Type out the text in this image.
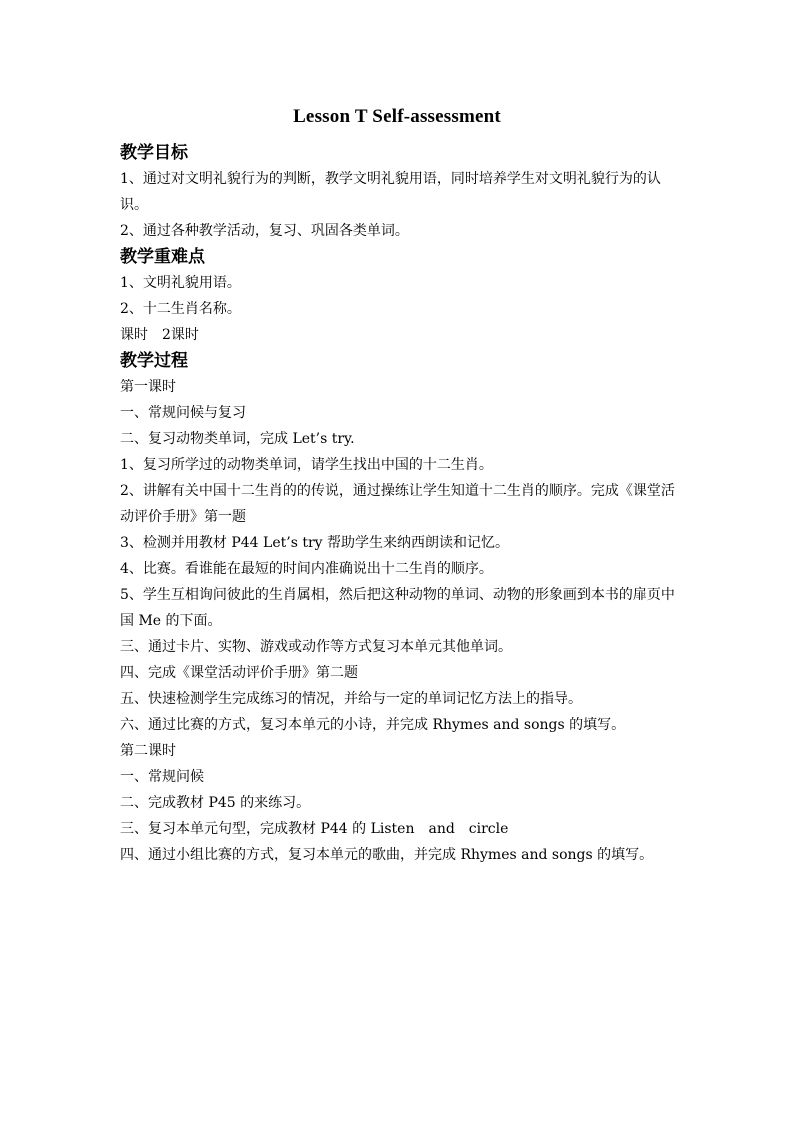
Lesson T Self-assessment

教学目标

1、通过对文明礼貌行为的判断，教学文明礼貌用语，同时培养学生对文明礼貌行为的认识。

2、通过各种教学活动，复习、巩固各类单词。

教学重难点

1、文明礼貌用语。

2、十二生肖名称。

课时　2课时

教学过程

第一课时

一、常规问候与复习

二、复习动物类单词，完成 Let’s try.

1、复习所学过的动物类单词，请学生找出中国的十二生肖。

2、讲解有关中国十二生肖的的传说，通过操练让学生知道十二生肖的顺序。完成《课堂活动评价手册》第一题

3、检测并用教材 P44 Let’s try 帮助学生来纳西朗读和记忆。

4、比赛。看谁能在最短的时间内准确说出十二生肖的顺序。

5、学生互相询问彼此的生肖属相，然后把这种动物的单词、动物的形象画到本书的扉页中国 Me 的下面。

三、通过卡片、实物、游戏或动作等方式复习本单元其他单词。

四、完成《课堂活动评价手册》第二题

五、快速检测学生完成练习的情况，并给与一定的单词记忆方法上的指导。

六、通过比赛的方式，复习本单元的小诗，并完成 Rhymes and songs 的填写。

第二课时

一、常规问候

二、完成教材 P45 的来练习。

三、复习本单元句型，完成教材 P44 的 Listen　and　circle

四、通过小组比赛的方式，复习本单元的歌曲，并完成 Rhymes and songs 的填写。
